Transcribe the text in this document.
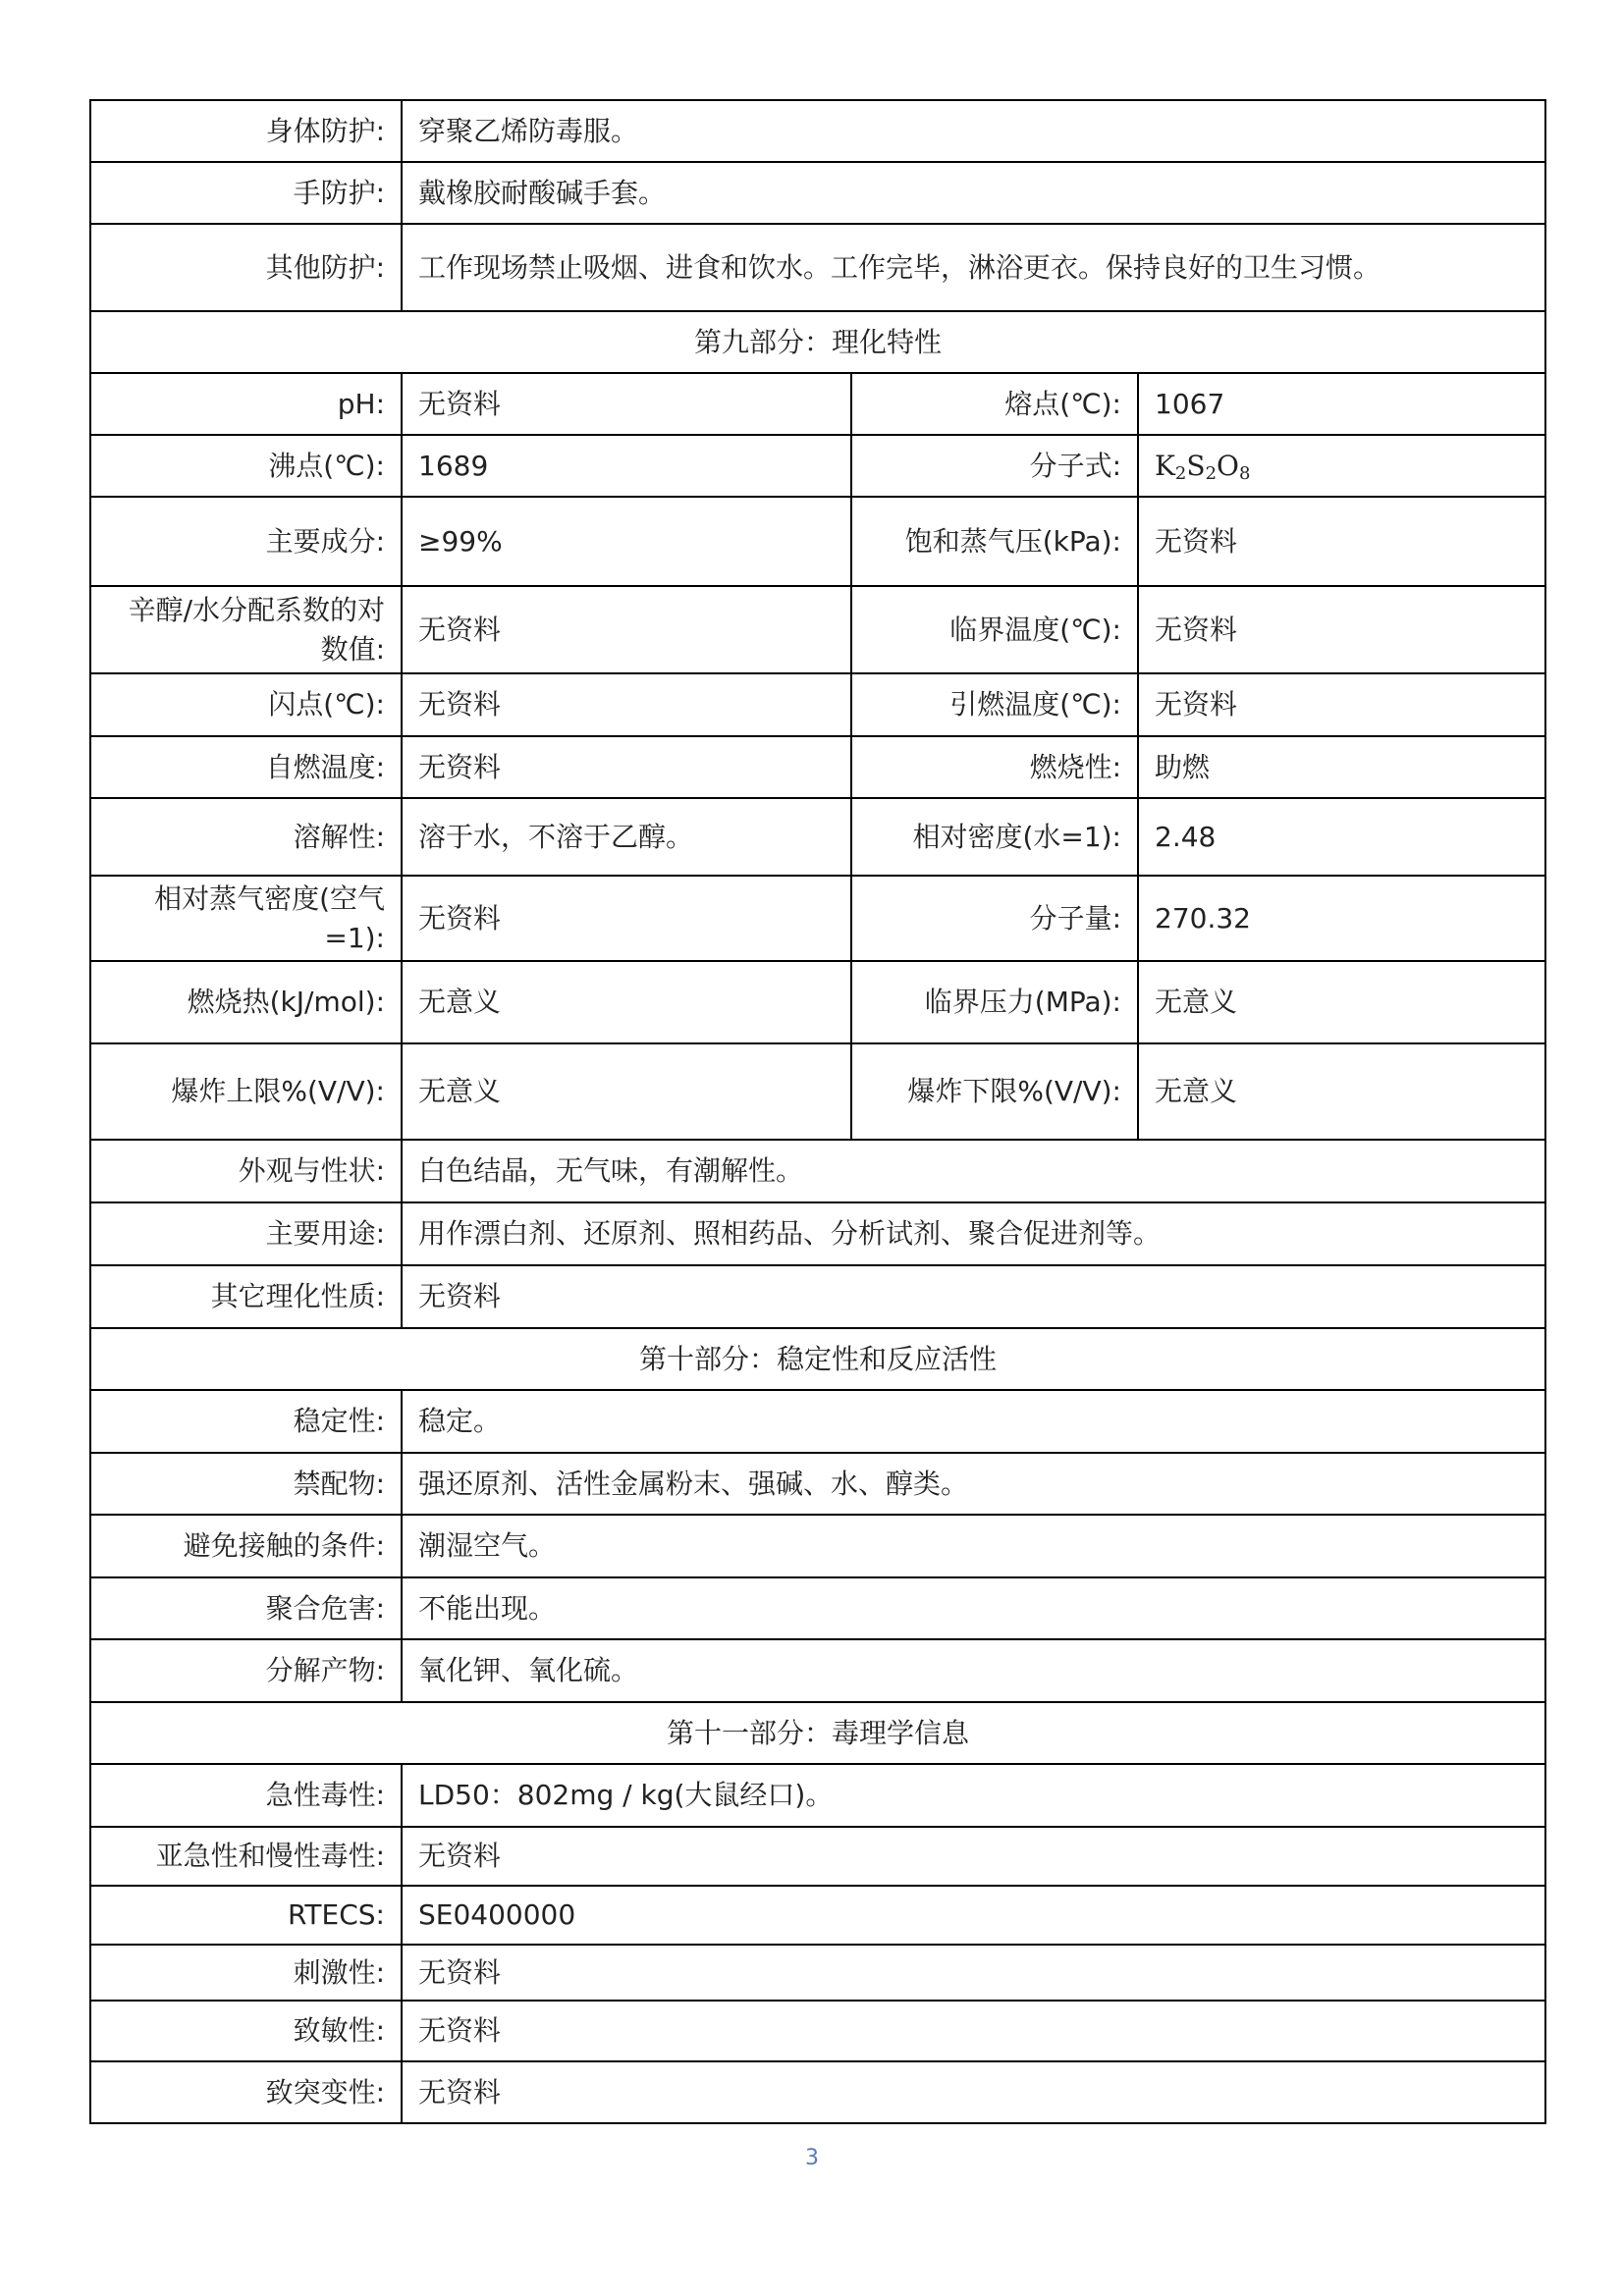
身体防护:	穿聚乙烯防毒服。		
手防护:	戴橡胶耐酸碱手套。		
其他防护:	工作现场禁止吸烟、进食和饮水。工作完毕，淋浴更衣。保持良好的卫生习惯。		
第九部分：理化特性			
pH:	无资料	熔点(℃):	1067
沸点(℃):	1689	分子式:	$K_2S_2O_8$
主要成分:	≥99%	饱和蒸气压(kPa):	无资料
辛醇/水分配系数的对数值:	无资料	临界温度(℃):	无资料
闪点(℃):	无资料	引燃温度(℃):	无资料
自燃温度:	无资料	燃烧性:	助燃
溶解性:	溶于水，不溶于乙醇。	相对密度(水=1):	2.48
相对蒸气密度(空气=1):	无资料	分子量:	270.32
燃烧热(kJ/mol):	无意义	临界压力(MPa):	无意义
爆炸上限%(V/V):	无意义	爆炸下限%(V/V):	无意义
外观与性状:	白色结晶，无气味，有潮解性。		
主要用途:	用作漂白剂、还原剂、照相药品、分析试剂、聚合促进剂等。		
其它理化性质:	无资料		
第十部分：稳定性和反应活性			
稳定性:	稳定。		
禁配物:	强还原剂、活性金属粉末、强碱、水、醇类。		
避免接触的条件:	潮湿空气。		
聚合危害:	不能出现。		
分解产物:	氧化钾、氧化硫。		
第十一部分：毒理学信息			
急性毒性:	LD50：802mg / kg(大鼠经口)。		
亚急性和慢性毒性:	无资料		
RTECS:	SE0400000		
刺激性:	无资料		
致敏性:	无资料		
致突变性:	无资料		
3
